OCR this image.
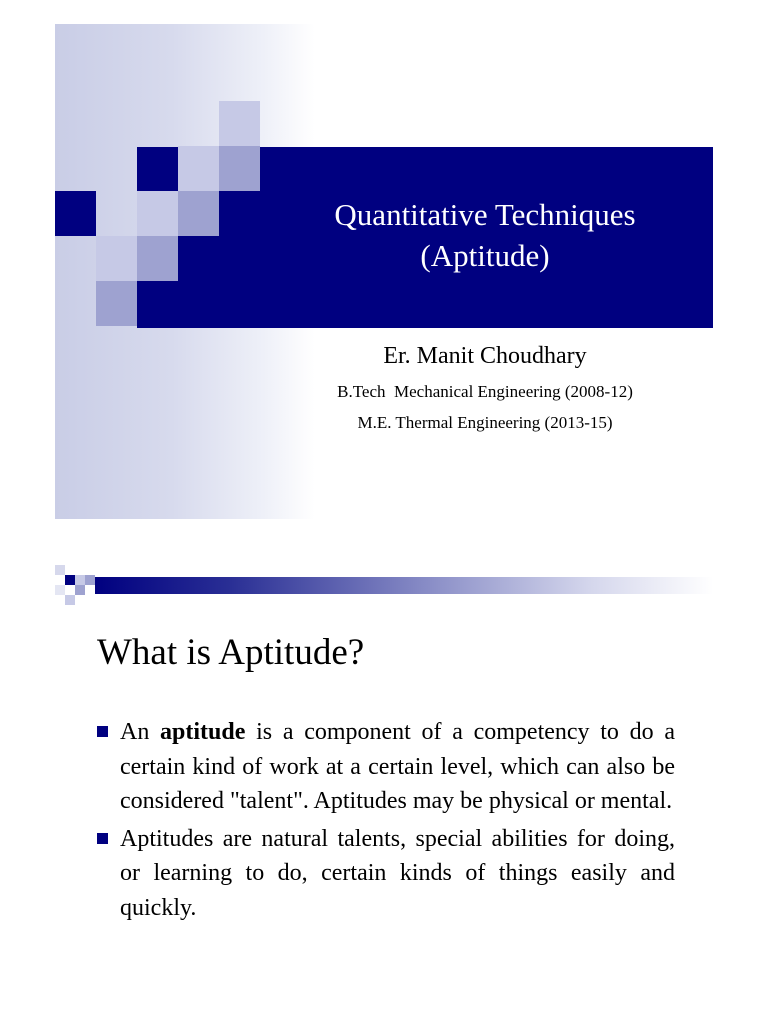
Quantitative Techniques
(Aptitude)
Er. Manit Choudhary
B.Tech  Mechanical Engineering (2008-12)
M.E. Thermal Engineering (2013-15)
What is Aptitude?
An aptitude is a component of a competency to do a certain kind of work at a certain level, which can also be considered "talent". Aptitudes may be physical or mental.
Aptitudes are natural talents, special abilities for doing, or learning to do, certain kinds of things easily and quickly.
